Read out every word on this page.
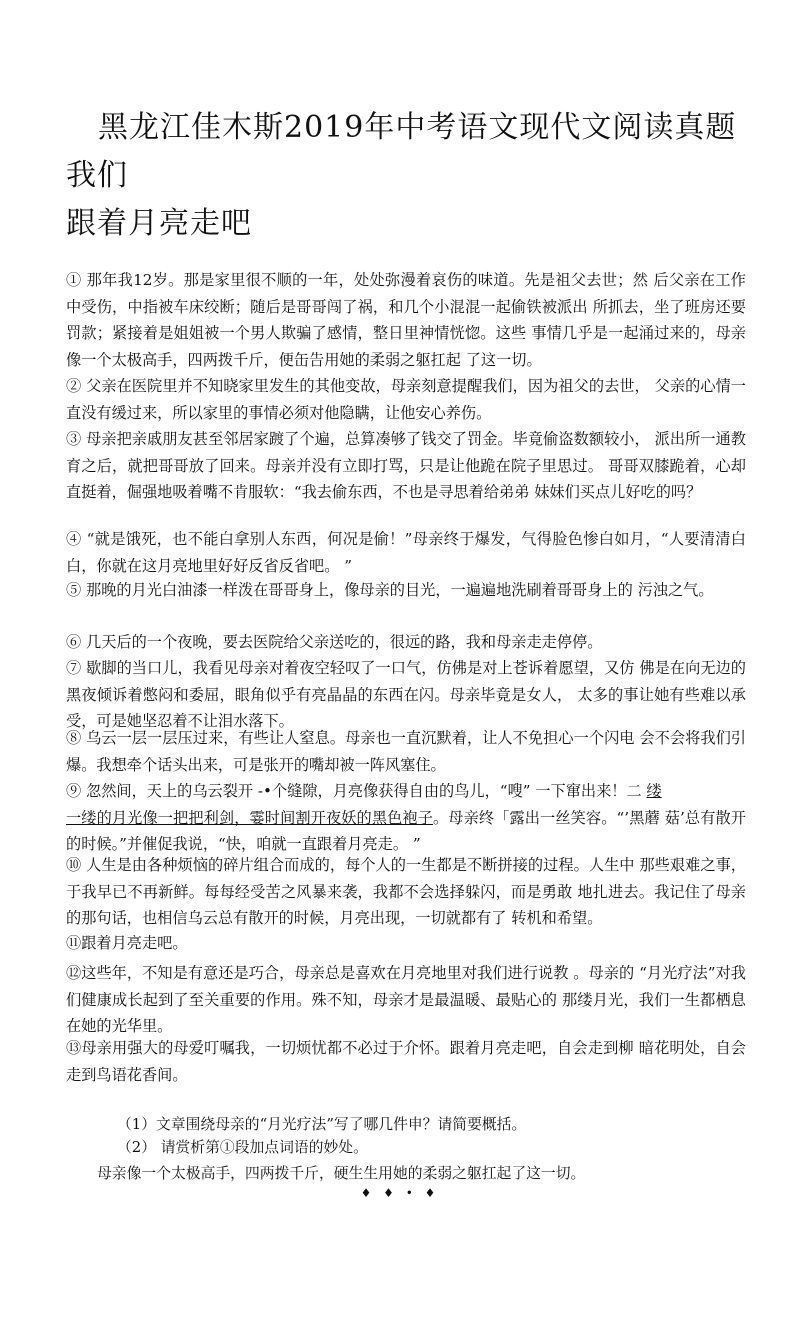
黑龙江佳木斯2019年中考语文现代文阅读真题我们
跟着月亮走吧

① 那年我12岁。那是家里很不顺的一年，处处弥漫着哀伤的味道。先是祖父去世；然 后父亲在工作中受伤，中指被车床绞断；随后是哥哥闯了祸，和几个小混混一起偷铁被派出 所抓去，坐了班房还要罚款；紧接着是姐姐被一个男人欺骗了感情，整日里神情恍惚。这些 事情几乎是一起涌过来的，母亲像一个太极高手，四两拨千斤，便缶告用她的柔弱之躯扛起 了这一切。

② 父亲在医院里并不知晓家里发生的其他变故，母亲刻意提醒我们，因为祖父的去世， 父亲的心情一直没有缓过来，所以家里的事情必须对他隐瞒，让他安心养伤。

③ 母亲把亲戚朋友甚至邻居家踱了个遍，总算凑够了钱交了罚金。毕竟偷盗数额较小， 派出所一通教育之后，就把哥哥放了回来。母亲并没有立即打骂，只是让他跪在院子里思过。 哥哥双膝跪着，心却直挺着，倔强地吸着嘴不肯服软：“我去偷东西，不也是寻思着给弟弟 妹妹们买点儿好吃的吗？

④ “就是饿死，也不能白拿别人东西，何况是偷！”母亲终于爆发，气得脸色惨白如月，“人要清清白白，你就在这月亮地里好好反省反省吧。 ”

⑤ 那晚的月光白油漆一样泼在哥哥身上，像母亲的目光，一遍遍地洗刷着哥哥身上的 污浊之气。

⑥ 几天后的一个夜晚，要去医院给父亲送吃的，很远的路，我和母亲走走停停。

⑦ 歇脚的当口儿，我看见母亲对着夜空轻叹了一口气，仿佛是对上苍诉着愿望，又仿 佛是在向无边的黑夜倾诉着憋闷和委屈，眼角似乎有亮晶晶的东西在闪。母亲毕竟是女人， 太多的事让她有些难以承受，可是她坚忍着不让泪水落下。

⑧ 乌云一层一层压过来，有些让人窒息。母亲也一直沉默着，让人不免担心一个闪电 会不会将我们引爆。我想牵个话头出来，可是张开的嘴却被一阵风塞住。

⑨ 忽然间，天上的乌云裂开 -•个缝隙，月亮像获得自由的鸟儿，“嗖” 一下窜出来！二 缕
一缕的月光像一把把利剑，霎时间割开夜妖的黑色袍子。母亲终「露出一丝笑容。“’黑蘑 菇’总有散开的时候。”并催促我说，“快，咱就一直跟着月亮走。 ”

⑩ 人生是由各种烦恼的碎片组合而成的，每个人的一生都是不断拼接的过程。人生中 那些艰难之事，于我早已不再新鲜。每每经受苦之风暴来袭，我都不会选择躲闪，而是勇敢 地扎进去。我记住了母亲的那句话，也相信乌云总有散开的时候，月亮出现，一切就都有了 转机和希望。

⑪跟着月亮走吧。

⑫这些年，不知是有意还是巧合，母亲总是喜欢在月亮地里对我们进行说教 。母亲的 “月光疗法”对我们健康成长起到了至关重要的作用。殊不知，母亲才是最温暖、最贴心的 那缕月光，我们一生都栖息在她的光华里。

⑬母亲用强大的母爱叮嘱我，一切烦忧都不必过于介怀。跟着月亮走吧，自会走到柳 暗花明处，自会走到鸟语花香间。

（1）文章围绕母亲的“月光疗法”写了哪几件申？请简要概括。

（2） 请赏析第①段加点词语的妙处。

母亲像一个太极高手，四两拨千斤，硬生生用她的柔弱之躯扛起了这一切。

♦ ♦ • ♦
